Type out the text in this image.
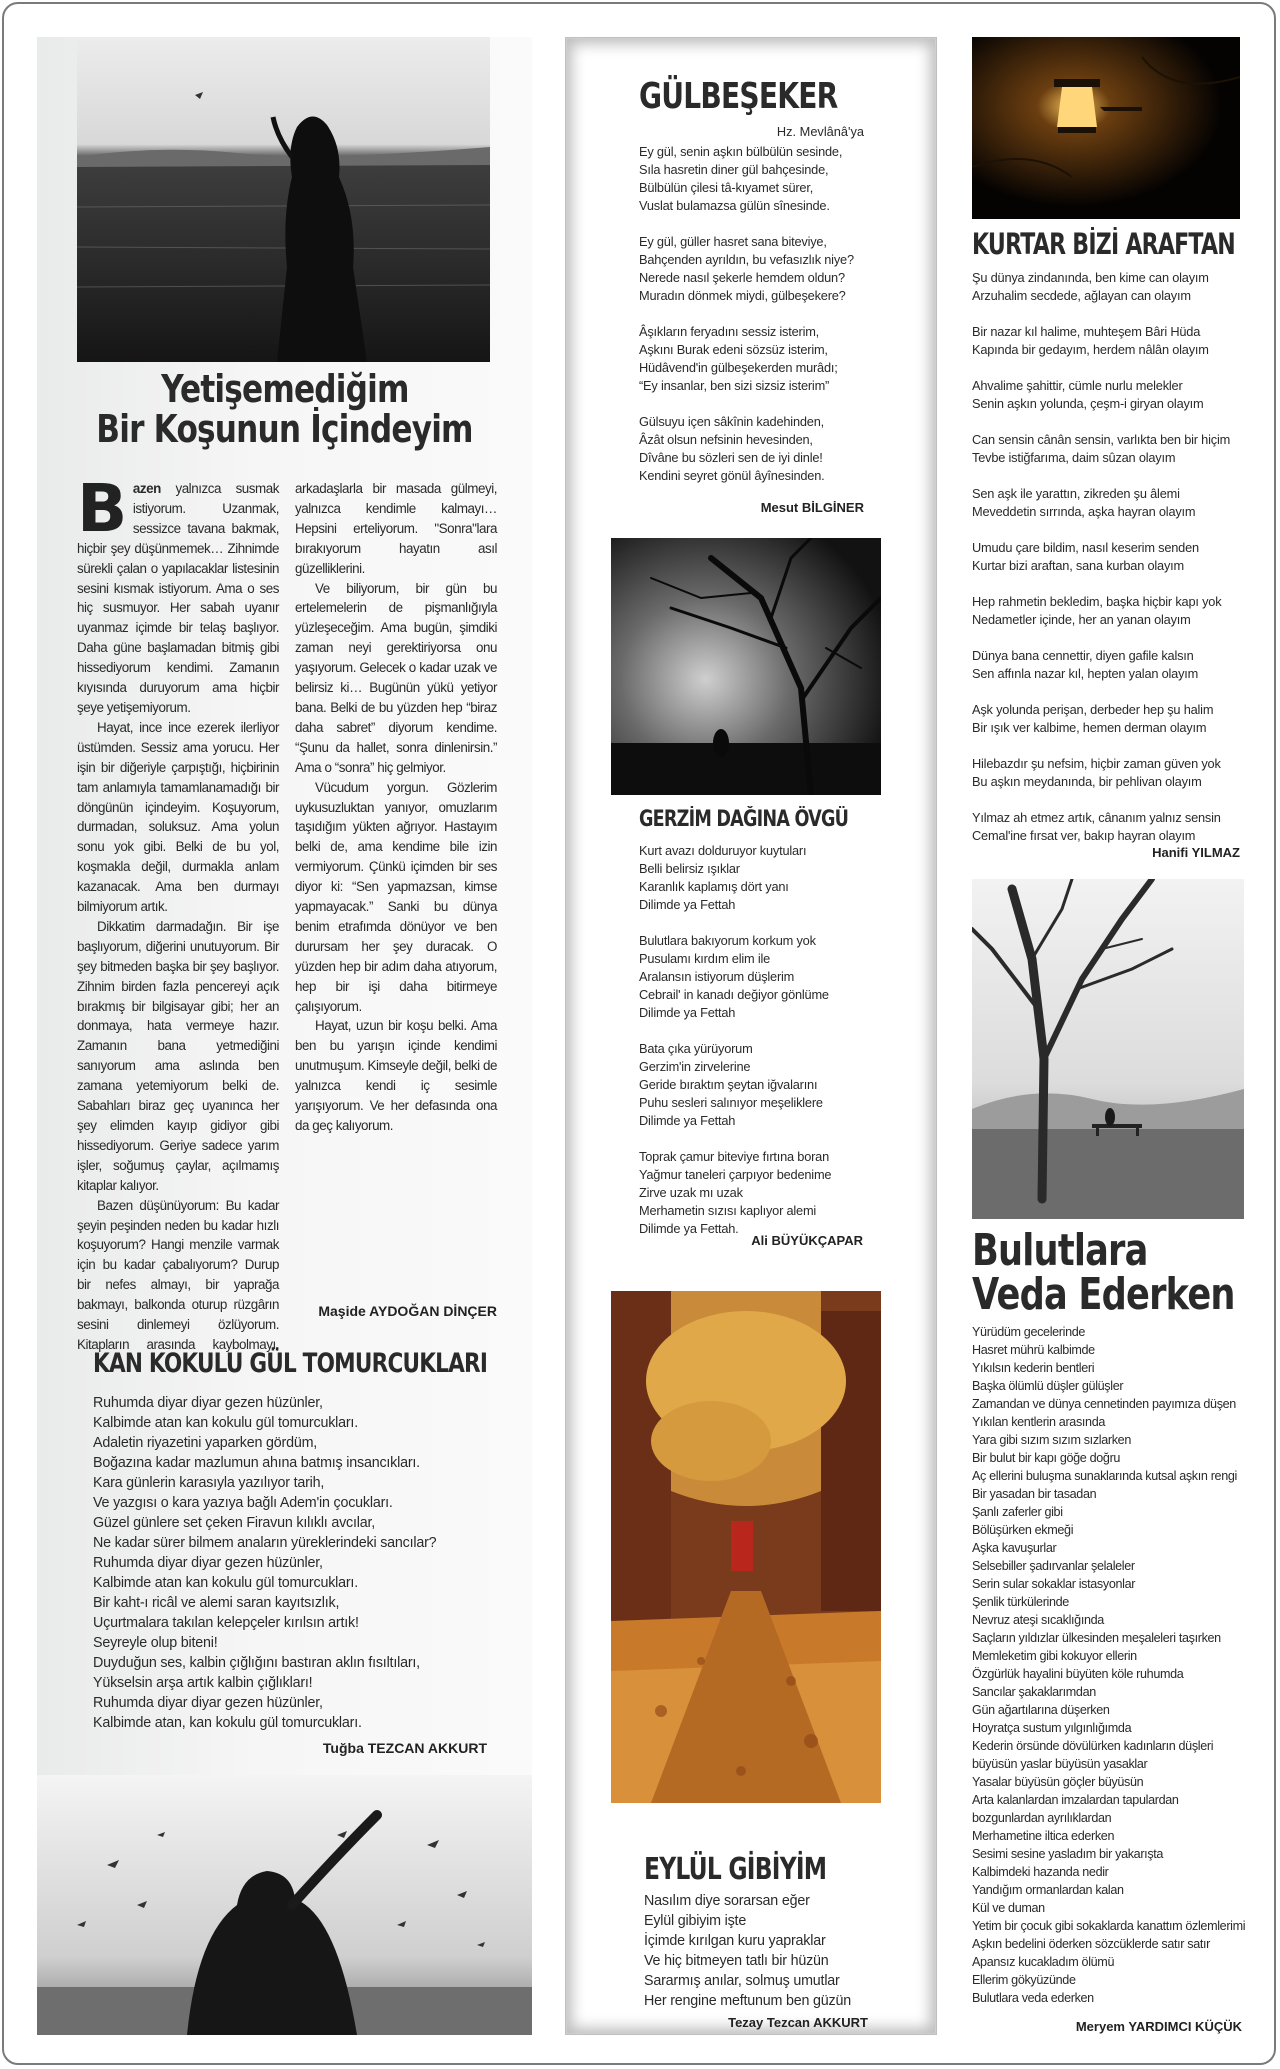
Yetişemediğim
Bir Koşunun İçindeyim

Bazen yalnızca susmak istiyorum. Uzanmak, sessizce tavana bakmak, hiçbir şey düşünmemek… Zihnimde sürekli çalan o yapılacaklar listesinin sesini kısmak istiyorum. Ama o ses hiç susmuyor. Her sabah uyanır uyanmaz içimde bir telaş başlıyor. Daha güne başlamadan bitmiş gibi hissediyorum kendimi. Zamanın kıyısında duruyorum ama hiçbir şeye yetişemiyorum.

Hayat, ince ince ezerek ilerliyor üstümden. Sessiz ama yorucu. Her işin bir diğeriyle çarpıştığı, hiçbirinin tam anlamıyla tamamlanamadığı bir döngünün içindeyim. Koşuyorum, durmadan, soluksuz. Ama yolun sonu yok gibi. Belki de bu yol, koşmakla değil, durmakla anlam kazanacak. Ama ben durmayı bilmiyorum artık.

Dikkatim darmadağın. Bir işe başlıyorum, diğerini unutuyorum. Bir şey bitmeden başka bir şey başlıyor. Zihnim birden fazla pencereyi açık bırakmış bir bilgisayar gibi; her an donmaya, hata vermeye hazır. Zamanın bana yetmediğini sanıyorum ama aslında ben zamana yetemiyorum belki de. Sabahları biraz geç uyanınca her şey elimden kayıp gidiyor gibi hissediyorum. Geriye sadece yarım işler, soğumuş çaylar, açılmamış kitaplar kalıyor.

Bazen düşünüyorum: Bu kadar şeyin peşinden neden bu kadar hızlı koşuyorum? Hangi menzile varmak için bu kadar çabalıyorum? Durup bir nefes almayı, bir yaprağa bakmayı, balkonda oturup rüzgârın sesini dinlemeyi özlüyorum. Kitapların arasında kaybolmayı, arkadaşlarla bir masada gülmeyi, yalnızca kendimle kalmayı… Hepsini erteliyorum. "Sonra"lara bırakıyorum hayatın asıl güzelliklerini.

Ve biliyorum, bir gün bu ertelemelerin de pişmanlığıyla yüzleşeceğim. Ama bugün, şimdiki zaman neyi gerektiriyorsa onu yaşıyorum. Gelecek o kadar uzak ve belirsiz ki… Bugünün yükü yetiyor bana. Belki de bu yüzden hep “biraz daha sabret” diyorum kendime. “Şunu da hallet, sonra dinlenirsin.” Ama o “sonra” hiç gelmiyor.

Vücudum yorgun. Gözlerim uykusuzluktan yanıyor, omuzlarım taşıdığım yükten ağrıyor. Hastayım belki de, ama kendime bile izin vermiyorum. Çünkü içimden bir ses diyor ki: “Sen yapmazsan, kimse yapmayacak.” Sanki bu dünya benim etrafımda dönüyor ve ben durursam her şey duracak. O yüzden hep bir adım daha atıyorum, hep bir işi daha bitirmeye çalışıyorum.

Hayat, uzun bir koşu belki. Ama ben bu yarışın içinde kendimi unutmuşum. Kimseyle değil, belki de yalnızca kendi iç sesimle yarışıyorum. Ve her defasında ona da geç kalıyorum.

Maşide AYDOĞAN DİNÇER
KAN KOKULU GÜL TOMURCUKLARI
Ruhumda diyar diyar gezen hüzünler,
Kalbimde atan kan kokulu gül tomurcukları.
Adaletin riyazetini yaparken gördüm,
Boğazına kadar mazlumun ahına batmış insancıkları.
Kara günlerin karasıyla yazılıyor tarih,
Ve yazgısı o kara yazıya bağlı Adem'in çocukları.
Güzel günlere set çeken Firavun kılıklı avcılar,
Ne kadar sürer bilmem anaların yüreklerindeki sancılar?
Ruhumda diyar diyar gezen hüzünler,
Kalbimde atan kan kokulu gül tomurcukları.
Bir kaht-ı ricâl ve alemi saran kayıtsızlık,
Uçurtmalara takılan kelepçeler kırılsın artık!
Seyreyle olup biteni!
Duyduğun ses, kalbin çığlığını bastıran aklın fısıltıları,
Yükselsin arşa artık kalbin çığlıkları!
Ruhumda diyar diyar gezen hüzünler,
Kalbimde atan, kan kokulu gül tomurcukları.
Tuğba TEZCAN AKKURT
GÜLBEŞEKER
Hz. Mevlânâ'ya
Ey gül, senin aşkın bülbülün sesinde,
Sıla hasretin diner gül bahçesinde,
Bülbülün çilesi tâ-kıyamet sürer,
Vuslat bulamazsa gülün sînesinde.
Ey gül, güller hasret sana biteviye,
Bahçenden ayrıldın, bu vefasızlık niye?
Nerede nasıl şekerle hemdem oldun?
Muradın dönmek miydi, gülbeşekere?
Âşıkların feryadını sessiz isterim,
Aşkını Burak edeni sözsüz isterim,
Hüdâvend'in gülbeşekerden murâdı;
“Ey insanlar, ben sizi sizsiz isterim”
Gülsuyu içen sâkînin kadehinden,
Âzât olsun nefsinin hevesinden,
Dîvâne bu sözleri sen de iyi dinle!
Kendini seyret gönül âyînesinden.
Mesut BİLGİNER
GERZİM DAĞINA ÖVGÜ
Kurt avazı dolduruyor kuytuları
Belli belirsiz ışıklar
Karanlık kaplamış dört yanı
Dilimde ya Fettah
Bulutlara bakıyorum korkum yok
Pusulamı kırdım elim ile
Aralansın istiyorum düşlerim
Cebrail' in kanadı değiyor gönlüme
Dilimde ya Fettah
Bata çıka yürüyorum
Gerzim'in zirvelerine
Geride bıraktım şeytan iğvalarını
Puhu sesleri salınıyor meşeliklere
Dilimde ya Fettah
Toprak çamur biteviye fırtına boran
Yağmur taneleri çarpıyor bedenime
Zirve uzak mı uzak
Merhametin sızısı kaplıyor alemi
Dilimde ya Fettah.
Ali BÜYÜKÇAPAR
EYLÜL GİBİYİM
Nasılım diye sorarsan eğer
Eylül gibiyim işte
İçimde kırılgan kuru yapraklar
Ve hiç bitmeyen tatlı bir hüzün
Sararmış anılar, solmuş umutlar
Her rengine meftunum ben güzün
Tezay Tezcan AKKURT
KURTAR BİZİ ARAFTAN
Şu dünya zindanında, ben kime can olayım
Arzuhalim secdede, ağlayan can olayım
Bir nazar kıl halime, muhteşem Bâri Hüda
Kapında bir gedayım, herdem nâlân olayım
Ahvalime şahittir, cümle nurlu melekler
Senin aşkın yolunda, çeşm-i giryan olayım
Can sensin cânân sensin, varlıkta ben bir hiçim
Tevbe istiğfarıma, daim sûzan olayım
Sen aşk ile yarattın, zikreden şu âlemi
Meveddetin sırrında, aşka hayran olayım
Umudu çare bildim, nasıl keserim senden
Kurtar bizi araftan, sana kurban olayım
Hep rahmetin bekledim, başka hiçbir kapı yok
Nedametler içinde, her an yanan olayım
Dünya bana cennettir, diyen gafile kalsın
Sen affınla nazar kıl, hepten yalan olayım
Aşk yolunda perişan, derbeder hep şu halim
Bir ışık ver kalbime, hemen derman olayım
Hilebazdır şu nefsim, hiçbir zaman güven yok
Bu aşkın meydanında, bir pehlivan olayım
Yılmaz ah etmez artık, cânanım yalnız sensin
Cemal'ine fırsat ver, bakıp hayran olayım
Hanifi YILMAZ
Bulutlara
Veda Ederken
Yürüdüm gecelerinde
Hasret mührü kalbimde
Yıkılsın kederin bentleri
Başka ölümlü düşler gülüşler
Zamandan ve dünya cennetinden payımıza düşen
Yıkılan kentlerin arasında
Yara gibi sızım sızım sızlarken
Bir bulut bir kapı göğe doğru
Aç ellerini buluşma sunaklarında kutsal aşkın rengi
Bir yasadan bir tasadan
Şanlı zaferler gibi
Bölüşürken ekmeği
Aşka kavuşurlar
Selsebiller şadırvanlar şelaleler
Serin sular sokaklar istasyonlar
Şenlik türkülerinde
Nevruz ateşi sıcaklığında
Saçların yıldızlar ülkesinden meşaleleri taşırken
Memleketim gibi kokuyor ellerin
Özgürlük hayalini büyüten köle ruhumda
Sancılar şakaklarımdan
Gün ağartılarına düşerken
Hoyratça sustum yılgınlığımda
Kederin örsünde dövülürken kadınların düşleri
büyüsün yaslar büyüsün yasaklar
Yasalar büyüsün göçler büyüsün
Arta kalanlardan imzalardan tapulardan
bozgunlardan ayrılıklardan
Merhametine iltica ederken
Sesimi sesine yasladım bir yakarışta
Kalbimdeki hazanda nedir
Yandığım ormanlardan kalan
Kül ve duman
Yetim bir çocuk gibi sokaklarda kanattım özlemlerimi
Aşkın bedelini öderken sözcüklerde satır satır
Apansız kucakladım ölümü
Ellerim gökyüzünde
Bulutlara veda ederken
Meryem YARDIMCI KÜÇÜK
